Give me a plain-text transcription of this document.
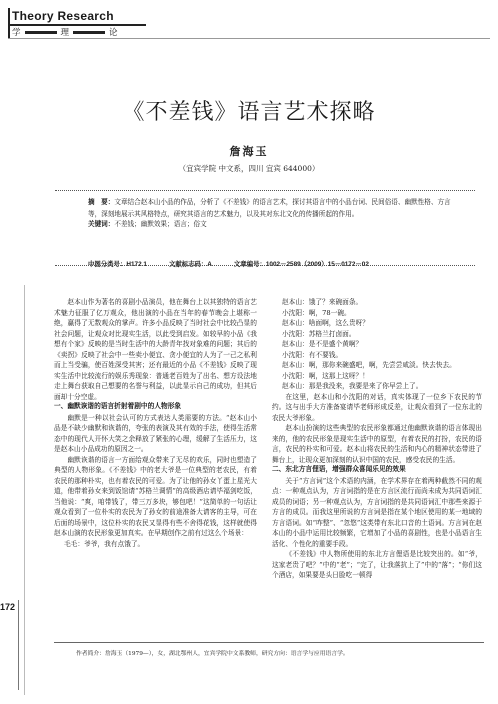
Theory Research
学	理	论
《不差钱》语言艺术探略
詹海玉
（宜宾学院 中文系，四川 宜宾 644000）
摘　要：文章结合赵本山小品的作品，分析了《不差钱》的语言艺术，探讨其语言中的小品台词、民间俗语、幽默性格、方言等，深刻地展示其风格特点，研究其语言的艺术魅力，以及其对东北文化的传播所起的作用。
关键词：不差钱；幽默效果；语言；俗文
中图分类号：H172.1	文献标志码：A	文章编号：1002－2589（2009）15－0172－02

赵本山作为著名的喜剧小品演员，他在舞台上以其独特的语言艺术魅力征服了亿万观众，他出演的小品在当年的春节晚会上堪称一绝，赢得了无数观众的掌声。许多小品反映了当时社会中比较凸显的社会问题，让观众对比现实生活，以此受到启发。如较早的小品《我想有个家》反映的是当时生活中的大龄青年找对象难的问题；其后的《卖拐》反映了社会中一些卖小便宜、贪小便宜的人为了一己之私利而上当受骗，使百姓深受其害；还有最近的小品《不差钱》反映了现实生活中比较流行的娱乐秀现象：普通老百姓为了出名、想方设法地走上舞台获取自己想要的名誉与利益，以此显示自己的成功，但其后面却十分空虚。

一、幽默诙谐的语言折射着剧中的人物形象

幽默是一种以社会认可的方式表达人类需要的方法。“赵本山小品是不缺少幽默和诙谐的，夸张的表演及其有效的手法，使得生活常态中的现代人开怀大笑之余释放了紧张的心理，缓解了生活压力，这是赵本山小品成功的原因之一。

幽默诙谐的语言一方面给观众带来了无尽的欢乐，同时也塑造了典型的人物形象。《不差钱》中的老大爷是一位典型的老农民，有着农民的那种朴实，也有着农民的可爱。为了让他的孙女丫蛋上星光大道，他带着孙女来到饭馆请“苏格兰调情”的高级酒店请毕福剑吃饭，当他说：“爽，咱带钱了，带三万多块，够包吧！”这简单的一句话让观众看到了一位朴实的农民为了孙女的前途准备大请客的主导，可在后面的场景中，这位朴实的农民又显得有些不舍得花钱，这样就使得赵本山演的农民形象更加真实。在早期创作之前有过这么个场景：

毛毛：爷爷，我有点饿了。

赵本山：饿了？来碗面条。

小沈阳：啊，78一碗。

赵本山：啥面啊，这么贵呀？

小沈阳：苏格兰打卤面。

赵本山：是不是盛个黄啊？

小沈阳：有不要钱。

赵本山：啊，那你来碗盛吧，啊，先尝尝咸淡。快去快去。

小沈阳：啊，这那上这呀？！

赵本山：那是我没来，我要是来了你早尝上了。

在这里，赵本山和小沈阳的对话，真实体现了一位乡下农民的节约。这与出手大方准备宴请毕老师形成反差，让观众看到了一位东北的农民大爷形象。

赵本山扮演的这些典型的农民形象都通过他幽默诙谐的语言体现出来的，他的农民形象是现实生活中的原型，有着农民的打扮，农民的语言，农民的朴实和可爱。赵本山将农民的生活和内心的精神状态带进了舞台上，让现众更加深刻的认识中国的农民，感受农民的生活。

二、东北方言俚语，增强群众喜闻乐见的效果

关于“方言词”这个术语的内涵，在学术界存在着两种截然不同的观点：一种观点认为，方言词指的是在方言区流行而尚未成为共同语词汇成员的词语；另一种观点认为，方言词指的是共同语词汇中那些来源于方言的成员。而我这里所说的方言词是指在某个地区使用的某一地域的方言语词。如“咋整”、“忽悠”这类带有东北口音的土语词。方言词在赵本山的小品中运用比较频繁，它增加了小品的喜剧性，也是小品语言生活化、个性化的重要手段。

《不差钱》中人物所使用的东北方言俚语是比较突出的。如“爷，这家老贵了吧？”中的“老”；“完了，让我落抗上了”中的“落”；“你们这个酒店，如果要是头日脸吃一顿得

172
作者简介：詹海玉（1979—），女，湖北鄂州人，宜宾学院中文系教师，研究方向：语言学与应用语言学。
